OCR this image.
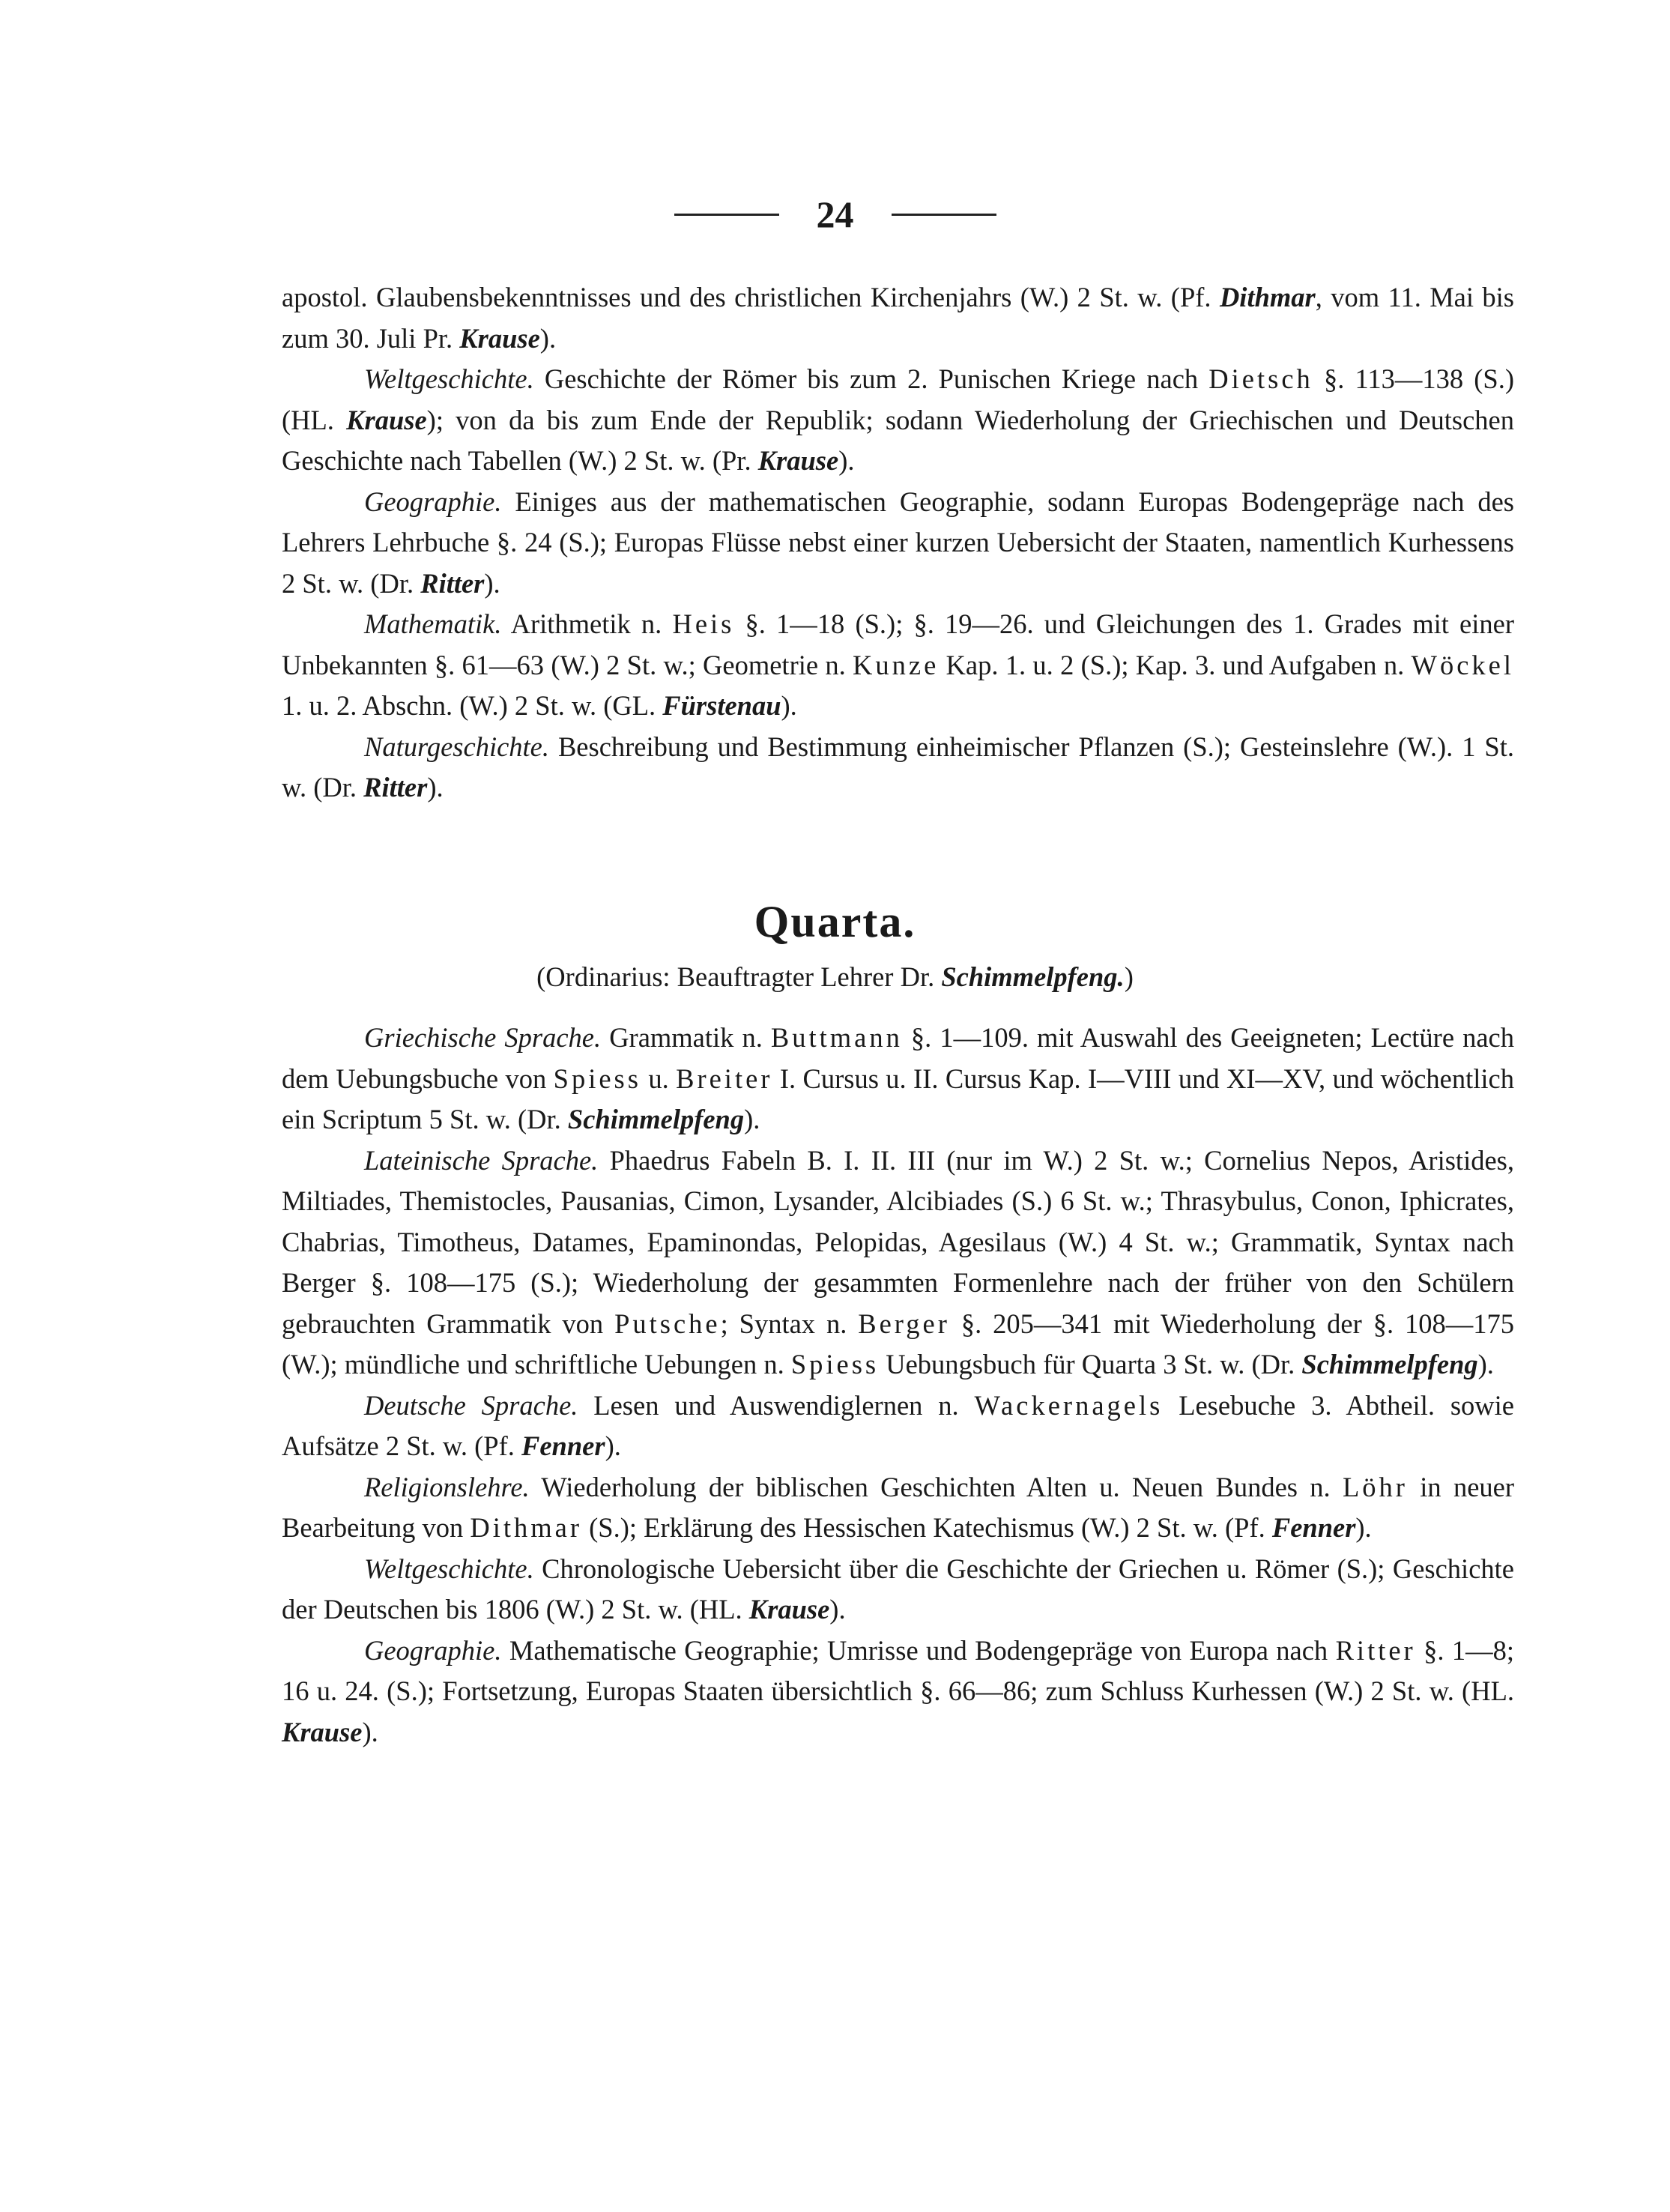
24

apostol. Glaubensbekenntnisses und des christlichen Kirchenjahrs (W.) 2 St. w. (Pf. Dithmar, vom 11. Mai bis zum 30. Juli Pr. Krause).

Weltgeschichte. Geschichte der Römer bis zum 2. Punischen Kriege nach Dietsch §. 113—138 (S.) (HL. Krause); von da bis zum Ende der Republik; sodann Wiederholung der Griechischen und Deutschen Geschichte nach Tabellen (W.) 2 St. w. (Pr. Krause).

Geographie. Einiges aus der mathematischen Geographie, sodann Europas Bodengepräge nach des Lehrers Lehrbuche §. 24 (S.); Europas Flüsse nebst einer kurzen Uebersicht der Staaten, namentlich Kurhessens 2 St. w. (Dr. Ritter).

Mathematik. Arithmetik n. Heis §. 1—18 (S.); §. 19—26. und Gleichungen des 1. Grades mit einer Unbekannten §. 61—63 (W.) 2 St. w.; Geometrie n. Kunze Kap. 1. u. 2 (S.); Kap. 3. und Aufgaben n. Wöckel 1. u. 2. Abschn. (W.) 2 St. w. (GL. Fürstenau).

Naturgeschichte. Beschreibung und Bestimmung einheimischer Pflanzen (S.); Gesteinslehre (W.). 1 St. w. (Dr. Ritter).

Quarta.
(Ordinarius: Beauftragter Lehrer Dr. Schimmelpfeng.)

Griechische Sprache. Grammatik n. Buttmann §. 1—109. mit Auswahl des Geeigneten; Lectüre nach dem Uebungsbuche von Spiess u. Breiter I. Cursus u. II. Cursus Kap. I—VIII und XI—XV, und wöchentlich ein Scriptum 5 St. w. (Dr. Schimmelpfeng).

Lateinische Sprache. Phaedrus Fabeln B. I. II. III (nur im W.) 2 St. w.; Cornelius Nepos, Aristides, Miltiades, Themistocles, Pausanias, Cimon, Lysander, Alcibiades (S.) 6 St. w.; Thrasybulus, Conon, Iphicrates, Chabrias, Timotheus, Datames, Epaminondas, Pelopidas, Agesilaus (W.) 4 St. w.; Grammatik, Syntax nach Berger §. 108—175 (S.); Wiederholung der gesammten Formenlehre nach der früher von den Schülern gebrauchten Grammatik von Putsche; Syntax n. Berger §. 205—341 mit Wiederholung der §. 108—175 (W.); mündliche und schriftliche Uebungen n. Spiess Uebungsbuch für Quarta 3 St. w. (Dr. Schimmelpfeng).

Deutsche Sprache. Lesen und Auswendiglernen n. Wackernagels Lesebuche 3. Abtheil. sowie Aufsätze 2 St. w. (Pf. Fenner).

Religionslehre. Wiederholung der biblischen Geschichten Alten u. Neuen Bundes n. Löhr in neuer Bearbeitung von Dithmar (S.); Erklärung des Hessischen Katechismus (W.) 2 St. w. (Pf. Fenner).

Weltgeschichte. Chronologische Uebersicht über die Geschichte der Griechen u. Römer (S.); Geschichte der Deutschen bis 1806 (W.) 2 St. w. (HL. Krause).

Geographie. Mathematische Geographie; Umrisse und Bodengepräge von Europa nach Ritter §. 1—8; 16 u. 24. (S.); Fortsetzung, Europas Staaten übersichtlich §. 66—86; zum Schluss Kurhessen (W.) 2 St. w. (HL. Krause).
